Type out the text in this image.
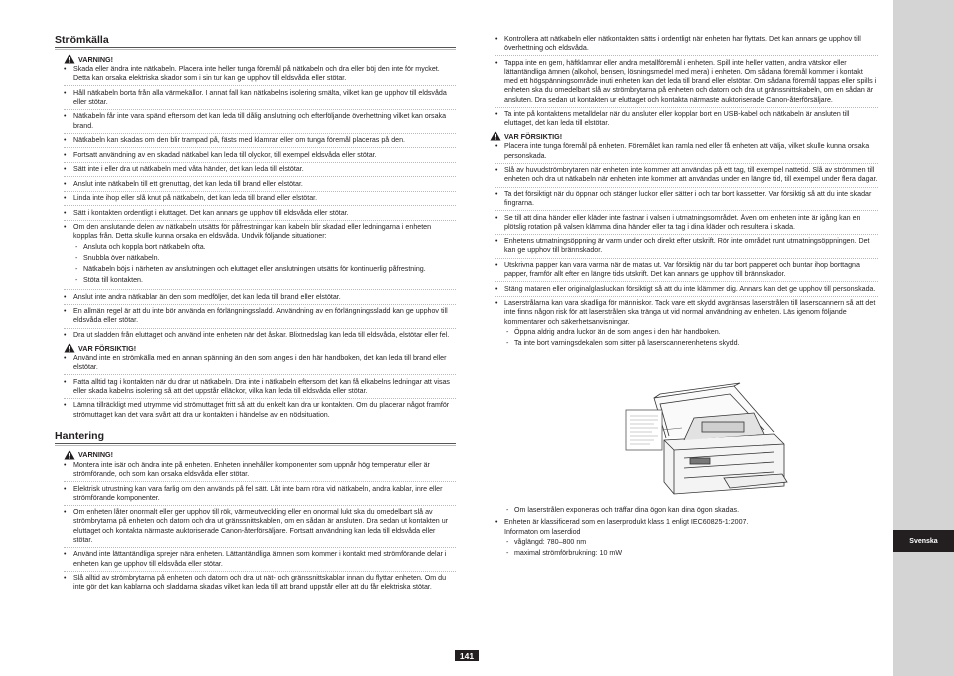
Strömkälla
VARNING!
• Skada eller ändra inte nätkabeln. Placera inte heller tunga föremål på nätkabeln och dra eller böj den inte för mycket. Detta kan orsaka elektriska skador som i sin tur kan ge upphov till eldsvåda eller stötar.
• Håll nätkabeln borta från alla värmekällor. I annat fall kan nätkabelns isolering smälta, vilket kan ge upphov till eldsvåda eller stötar.
• Nätkabeln får inte vara spänd eftersom det kan leda till dålig anslutning och efterföljande överhettning vilket kan orsaka brand.
• Nätkabeln kan skadas om den blir trampad på, fästs med klamrar eller om tunga föremål placeras på den.
• Fortsatt användning av en skadad nätkabel kan leda till olyckor, till exempel eldsvåda eller stötar.
• Sätt inte i eller dra ut nätkabeln med våta händer, det kan leda till elstötar.
• Anslut inte nätkabeln till ett grenuttag, det kan leda till brand eller elstötar.
• Linda inte ihop eller slå knut på nätkabeln, det kan leda till brand eller elstötar.
• Sätt i kontakten ordentligt i eluttaget. Det kan annars ge upphov till eldsvåda eller stötar.
• Om den anslutande delen av nätkabeln utsätts för påfrestningar kan kabeln blir skadad eller ledningarna i enheten kopplas från. Detta skulle kunna orsaka en eldsvåda. Undvik följande situationer:
- Ansluta och koppla bort nätkabeln ofta.
- Snubbla över nätkabeln.
- Nätkabeln böjs i närheten av anslutningen och eluttaget eller anslutningen utsätts för kontinuerlig påfrestning.
- Stöta till kontakten.
• Anslut inte andra nätkablar än den som medföljer, det kan leda till brand eller elstötar.
• En allmän regel är att du inte bör använda en förlängningssladd. Användning av en förlängningssladd kan ge upphov till eldsvåda eller stötar.
• Dra ut sladden från eluttaget och använd inte enheten när det åskar. Blixtnedslag kan leda till eldsvåda, elstötar eller fel.
VAR FÖRSIKTIG!
• Använd inte en strömkälla med en annan spänning än den som anges i den här handboken, det kan leda till brand eller elstötar.
• Fatta alltid tag i kontakten när du drar ut nätkabeln. Dra inte i nätkabeln eftersom det kan få elkabelns ledningar att visas eller skada kabelns isolering så att det uppstår elläckor, vilka kan leda till eldsvåda eller stötar.
• Lämna tillräckligt med utrymme vid strömuttaget fritt så att du enkelt kan dra ur kontakten. Om du placerar något framför strömuttaget kan det vara svårt att dra ur kontakten i händelse av en nödsituation.
Hantering
VARNING!
• Montera inte isär och ändra inte på enheten. Enheten innehåller komponenter som uppnår hög temperatur eller är strömförande, och som kan orsaka eldsvåda eller stötar.
• Elektrisk utrustning kan vara farlig om den används på fel sätt. Låt inte barn röra vid nätkabeln, andra kablar, inre eller strömförande komponenter.
• Om enheten låter onormalt eller ger upphov till rök, värmeutveckling eller en onormal lukt ska du omedelbart slå av strömbrytarna på enheten och datorn och dra ut gränssnittskablen, om en sådan är ansluten. Dra sedan ut kontakten ur eluttaget och kontakta närmaste auktoriserade Canon-återförsäljare. Fortsatt användning kan leda till eldsvåda eller stötar.
• Använd inte lättantändliga sprejer nära enheten. Lättantändliga ämnen som kommer i kontakt med strömförande delar i enheten kan ge upphov till eldsvåda eller stötar.
• Slå alltid av strömbrytarna på enheten och datorn och dra ut nät- och gränssnittskablar innan du flyttar enheten. Om du inte gör det kan kablarna och sladdarna skadas vilket kan leda till att brand uppstår eller att du får elektriska stötar.
• Kontrollera att nätkabeln eller nätkontakten sätts i ordentligt när enheten har flyttats. Det kan annars ge upphov till överhettning och eldsvåda.
• Tappa inte en gem, häftklamrar eller andra metallföremål i enheten. Spill inte heller vatten, andra vätskor eller lättantändliga ämnen (alkohol, bensen, lösningsmedel med mera) i enheten. Om sådana föremål kommer i kontakt med ett högspänningsområde inuti enheten kan det leda till brand eller elstötar. Om sådana föremål tappas eller spills i enheten ska du omedelbart slå av strömbrytarna på enheten och datorn och dra ut gränssnittskabeln, om en sådan är ansluten. Dra sedan ut kontakten ur eluttaget och kontakta närmaste auktoriserade Canon-återförsäljare.
• Ta inte på kontaktens metalldelar när du ansluter eller kopplar bort en USB-kabel och nätkabeln är ansluten till eluttaget, det kan leda till elstötar.
VAR FÖRSIKTIG!
• Placera inte tunga föremål på enheten. Föremålet kan ramla ned eller få enheten att välja, vilket skulle kunna orsaka personskada.
• Slå av huvudströmbrytaren när enheten inte kommer att användas på ett tag, till exempel nattetid. Slå av strömmen till enheten och dra ut nätkabeln när enheten inte kommer att användas under en längre tid, till exempel under flera dagar.
• Ta det försiktigt när du öppnar och stänger luckor eller sätter i och tar bort kassetter. Var försiktig så att du inte skadar fingrarna.
• Se till att dina händer eller kläder inte fastnar i valsen i utmatningsområdet. Även om enheten inte är igång kan en plötslig rotation på valsen klämma dina händer eller ta tag i dina kläder och resultera i skada.
• Enhetens utmatningsöppning är varm under och direkt efter utskrift. Rör inte området runt utmatningsöppningen. Det kan ge upphov till brännskador.
• Utskrivna papper kan vara varma när de matas ut. Var försiktig när du tar bort papperet och buntar ihop borttagna papper, framför allt efter en längre tids utskrift. Det kan annars ge upphov till brännskador.
• Stäng mataren eller originalglasluckan försiktigt så att du inte klämmer dig. Annars kan det ge upphov till personskada.
• Laserstrålarna kan vara skadliga för människor. Tack vare ett skydd avgränsas laserstrålen till laserscannern så att det inte finns någon risk för att laserstrålen ska tränga ut vid normal användning av enheten. Läs igenom följande kommentarer och säkerhetsanvisningar.
- Öppna aldrig andra luckor än de som anges i den här handboken.
- Ta inte bort varningsdekalen som sitter på laserscannerenhetens skydd.
- Om laserstrålen exponeras och träffar dina ögon kan dina ögon skadas.
• Enheten är klassificerad som en laserprodukt klass 1 enligt IEC60825-1:2007.
Informaton om laserdiod
- våglängd: 780–800 nm
- maximal strömförbrukning: 10 mW
Svenska
141
